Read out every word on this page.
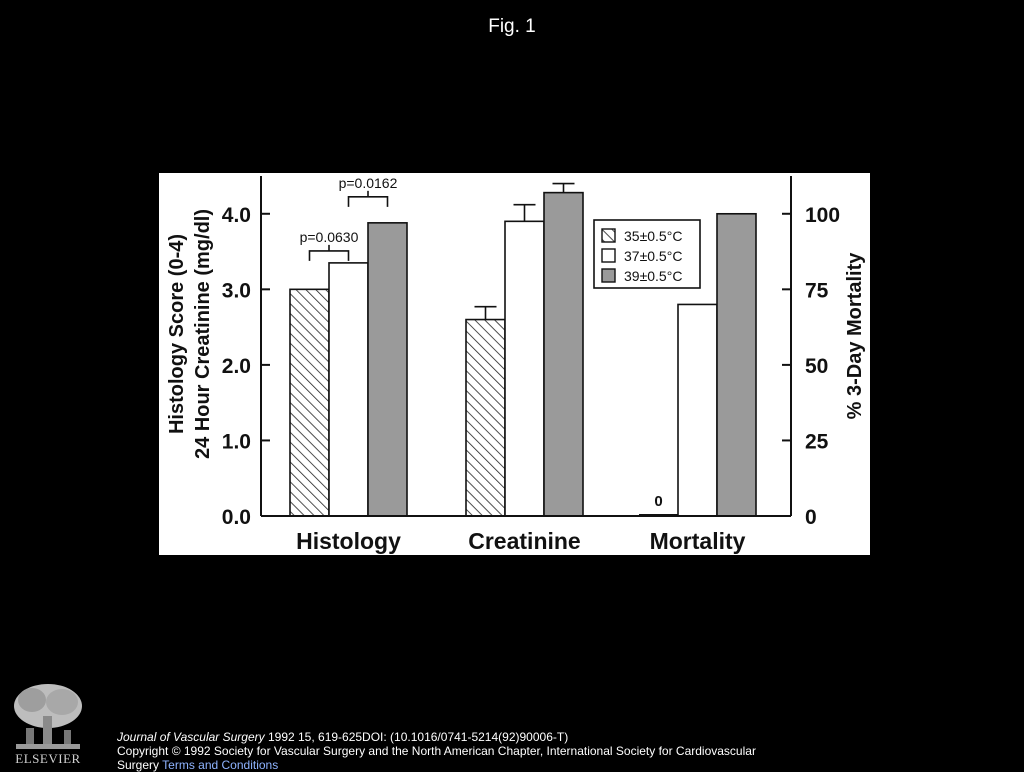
Fig. 1
0
p=0.0630
p=0.0162
0.0
1.0
2.0
3.0
4.0
0
25
50
75
100
Histology Score (0-4) 24 Hour Creatinine (mg/dl)	% 3-Day Mortality
Histology	Creatinine	Mortality
35±0.5°C
37±0.5°C
39±0.5°C
ELSEVIER
Journal of Vascular Surgery 1992 15, 619-625DOI: (10.1016/0741-5214(92)90006-T)
Copyright © 1992 Society for Vascular Surgery and the North American Chapter, International Society for Cardiovascular Surgery Terms and Conditions
